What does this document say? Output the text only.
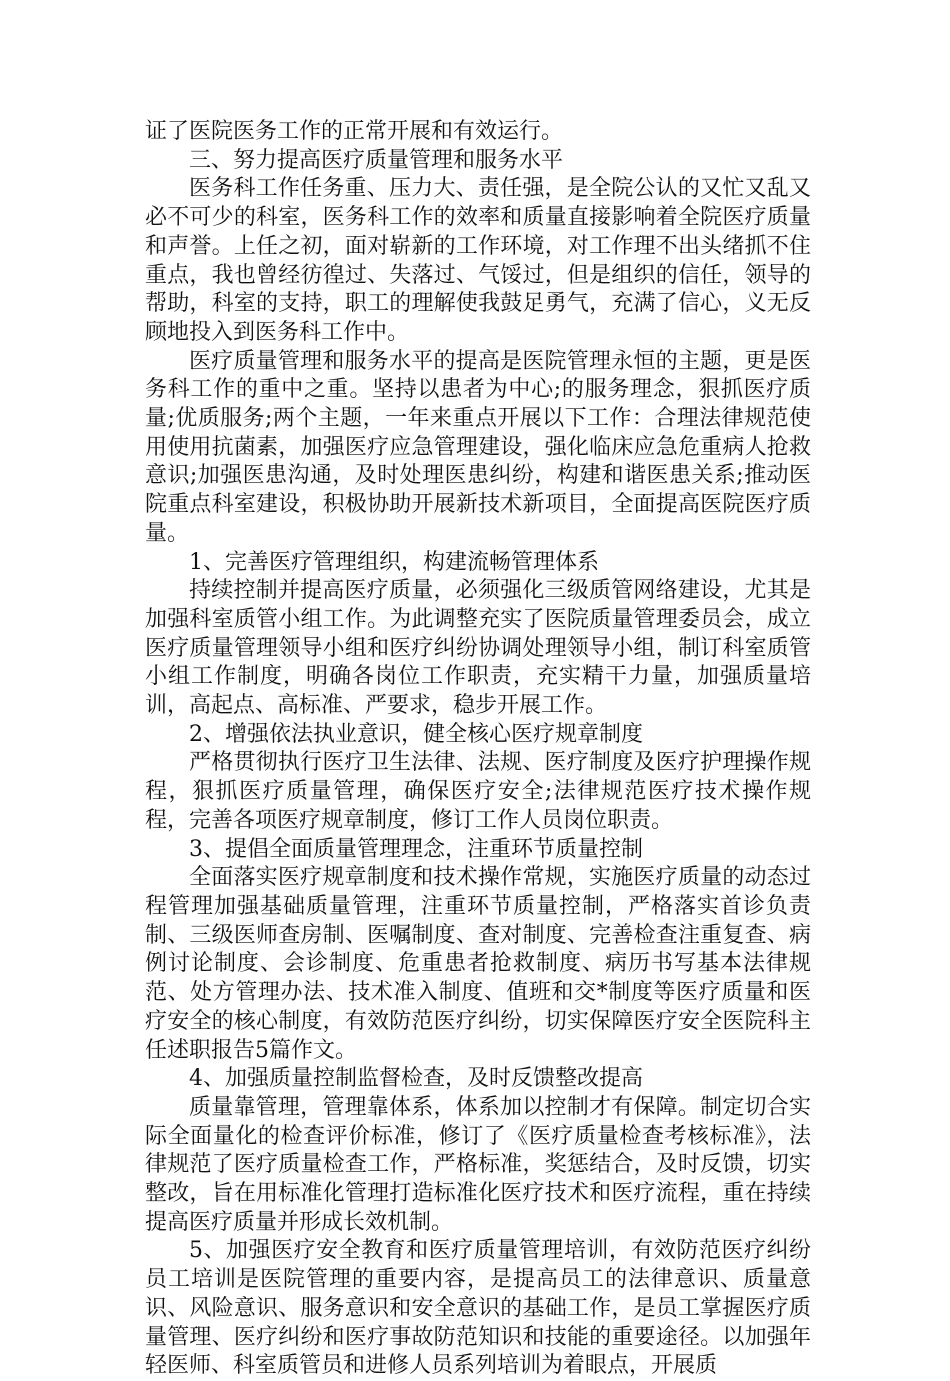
证了医院医务工作的正常开展和有效运行。

三、努力提高医疗质量管理和服务水平

医务科工作任务重、压力大、责任强，是全院公认的又忙又乱又必不可少的科室，医务科工作的效率和质量直接影响着全院医疗质量和声誉。上任之初，面对崭新的工作环境，对工作理不出头绪抓不住重点，我也曾经彷徨过、失落过、气馁过，但是组织的信任，领导的帮助，科室的支持，职工的理解使我鼓足勇气，充满了信心，义无反顾地投入到医务科工作中。

医疗质量管理和服务水平的提高是医院管理永恒的主题，更是医务科工作的重中之重。坚持以患者为中心;的服务理念，狠抓医疗质量;优质服务;两个主题，一年来重点开展以下工作：合理法律规范使用使用抗菌素，加强医疗应急管理建设，强化临床应急危重病人抢救意识;加强医患沟通，及时处理医患纠纷，构建和谐医患关系;推动医院重点科室建设，积极协助开展新技术新项目，全面提高医院医疗质量。

1、完善医疗管理组织，构建流畅管理体系

持续控制并提高医疗质量，必须强化三级质管网络建设，尤其是加强科室质管小组工作。为此调整充实了医院质量管理委员会，成立医疗质量管理领导小组和医疗纠纷协调处理领导小组，制订科室质管小组工作制度，明确各岗位工作职责，充实精干力量，加强质量培训，高起点、高标准、严要求，稳步开展工作。

2、增强依法执业意识，健全核心医疗规章制度

严格贯彻执行医疗卫生法律、法规、医疗制度及医疗护理操作规程，狠抓医疗质量管理，确保医疗安全;法律规范医疗技术操作规程，完善各项医疗规章制度，修订工作人员岗位职责。

3、提倡全面质量管理理念，注重环节质量控制

全面落实医疗规章制度和技术操作常规，实施医疗质量的动态过程管理加强基础质量管理，注重环节质量控制，严格落实首诊负责制、三级医师查房制、医嘱制度、查对制度、完善检查注重复查、病例讨论制度、会诊制度、危重患者抢救制度、病历书写基本法律规范、处方管理办法、技术准入制度、值班和交*制度等医疗质量和医疗安全的核心制度，有效防范医疗纠纷，切实保障医疗安全医院科主任述职报告5篇作文。

4、加强质量控制监督检查，及时反馈整改提高

质量靠管理，管理靠体系，体系加以控制才有保障。制定切合实际全面量化的检查评价标准，修订了《医疗质量检查考核标准》，法律规范了医疗质量检查工作，严格标准，奖惩结合，及时反馈，切实整改，旨在用标准化管理打造标准化医疗技术和医疗流程，重在持续提高医疗质量并形成长效机制。

5、加强医疗安全教育和医疗质量管理培训，有效防范医疗纠纷员工培训是医院管理的重要内容，是提高员工的法律意识、质量意识、风险意识、服务意识和安全意识的基础工作，是员工掌握医疗质量管理、医疗纠纷和医疗事故防范知识和技能的重要途径。以加强年轻医师、科室质管员和进修人员系列培训为着眼点，开展质
